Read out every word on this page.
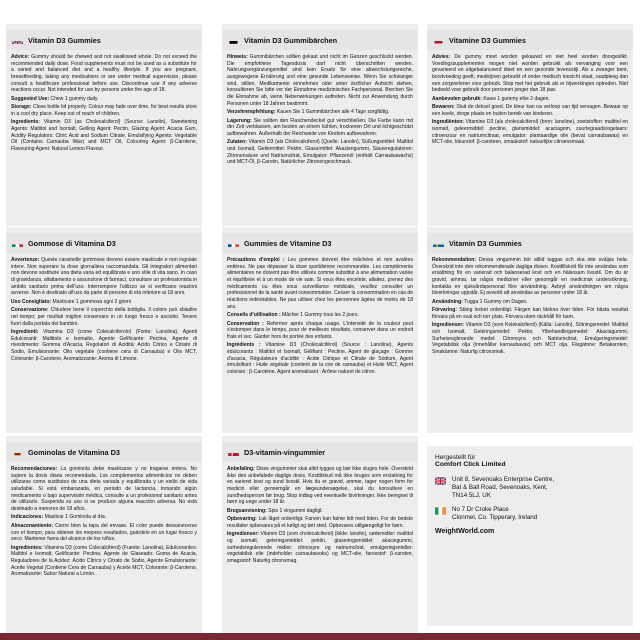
Vitamin D3 Gummies

Advice: Gummy should be chewed and not swallowed whole. Do not exceed the recommended daily dose. Food supplements must not be used as a substitute for a varied and balanced diet and a healthy lifestyle. If you are pregnant, breastfeeding, taking any medications or are under medical supervision, please consult a healthcare professional before use. Discontinue use if any adverse reactions occur. Not intended for use by persons under the age of 18.

Suggested Use: Chew 1 gummy daily.

Storage: Close bottle lid properly. Colour may fade over time, for best results store in a cool dry place. Keep out of reach of children.

Ingredients: Vitamin D3 (as Cholecalciferol) (Source: Lanolin), Sweetening Agents: Maltitol and Isomalt, Gelling Agent: Pectin, Glazing Agent: Acacia Gum, Acidity Regulators: Citric Acid and Sodium Citrate, Emulsifying Agents: Vegetable Oil (Contains Carnauba Wax) and MCT Oil, Colouring Agent: β-Carotene, Flavouring Agent: Natural Lemon Flavour.

Vitamin D3 Gummibärchen

Hinweis: Gummibärchen sollten gekaut und nicht im Ganzen geschluckt werden. Die empfohlene Tagesdosis darf nicht überschritten werden. Nahrungsergänzungsmittel sind kein Ersatz für eine abwechslungsreiche, ausgewogene Ernährung und eine gesunde Lebensweise. Wenn Sie schwanger sind, stillen, Medikamente einnehmen oder unter ärztlicher Aufsicht stehen, konsultieren Sie bitte vor der Einnahme medizinisches Fachpersonal. Brechen Sie die Einnahme ab, wenn Nebenwirkungen auftreten. Nicht zur Anwendung durch Personen unter 18 Jahren bestimmt.

Verzehrempfehlung: Kauen Sie 1 Gummibärchen alle 4 Tage sorgfältig.

Lagerung: Sie sollten den Flaschendeckel gut verschließen. Die Farbe kann mit der Zeit verblassen, am besten an einem kühlen, trockenen Ort und lichtgeschützt aufbewahren. Außerhalb der Reichweite von Kindern aufbewahren.

Zutaten: Vitamin D3 (als Cholecalciferol) (Quelle: Lanolin), Süßungsmittel: Maltitol und Isomalt, Geliermittel: Pektin, Glasurmittel: Akaziengummi, Säureregulatoren: Zitronensäure und Natriumcitrat, Emulgator: Pflanzenöl (enthält Carnaubawachs) und MCT-Öl, β-Carotin, Natürlicher Zitronengeschmack.

Vitamine D3 Gummies

Advies: De gummy moet worden gekauwd en niet heel worden doorgeslikt. Voedingssupplementen mogen niet worden gebruikt als vervanging voor een gevarieerd en uitgebalanceerd dieet en een gezonde levensstijl. Als u zwanger bent, borstvoeding geeft, medicijnen gebruikt of onder medisch toezicht staat, raadpleeg dan een zorgverlener voor gebruik. Stop met het gebruik als er bijwerkingen optreden. Niet bedoeld voor gebruik door personen jonger dan 18 jaar.

Aanbevolen gebruik: Kauw 1 gummy elke 2 dagen.

Bewaren: Sluit de deksel goed. De kleur kan na verloop van tijd vervagen. Bewaar op een koele, droge plaats en buiten bereik van kinderen.

Ingrediënten: Vitamine D3 (als cholecalciferol) (bron: lanoline), zoetstoffen: maltitol en isomalt, geleermiddel: pectine, glansmiddel: acaciagom, zuurtegraadsregelaars: citroenzuur en natriumcitraat, emulgator: plantaardige olie (bevat carnaubawas) en MCT-olie, kleurstof: β-caroteen, smaakstof: natuurlijke citroensmaak.

Gommose di Vitamina D3

Avvertenze: Queste caramelle gommose devono essere masticate e non ingoiate intere. Non superare la dose giornaliera raccomandata. Gli integratori alimentari non devono sostituire una dieta varia ed equilibrata e uno stile di vita sano. In caso di gravidanza, allattamento o assunzione di farmaci, consultare un professionista in ambito sanitario prima dell'uso. Interrompere l'utilizzo se si verificano reazioni avverse. Non è destinato all'uso da parte di persone di età inferiore ai 18 anni.

Uso Consigliato: Masticare 1 gommosa ogni 2 giorni

Conservazione: Chiudere bene il coperchio della bottiglia. Il colore può sbiadire nel tempo; per risultati migliori conservare in un luogo fresco e asciutto. Tenere fuori dalla portata dei bambini.

Ingredienti: Vitamina D3 (come Colecalciferolo) (Fonte: Lanolina), Agenti Edulcoranti: Maltitolo e Isomalto, Agente Gelificante: Pectina, Agente di rivestimento: Gomma d'Acacia, Regolatori di Acidità: Acido Citrico e Citrato di Sodio, Emulsionante: Olio vegetale (contiene cera di Carnauba) e Olio MCT, Colorante: β-Carotene, Aromatizzante: Aroma di Limone.

Gummies de Vitamine D3

Précautions d'emploi : Les gommes doivent être mâchées et non avalées entières. Ne pas dépasser la dose quotidienne recommandée. Les compléments alimentaires ne doivent pas être utilisés comme substitut à une alimentation variée et équilibrée et à un mode de vie sain. Si vous êtes enceinte, allaitez, prenez des médicaments ou êtes sous surveillance médicale, veuillez consulter un professionnel de la santé avant consommation. Cesser la consommation en cas de réactions indésirables. Ne pas utiliser chez les personnes âgées de moins de 18 ans.

Conseils d'utilisation : Mâcher 1 Gummy tous les 2 jours.

Conservation : Refermer après chaque usage. L'intensité de la couleur peut s'estomper dans le temps, pour de meilleurs résultats, conserver dans un endroit frais et sec. Garder hors de portée des enfants.

Ingrédients : Vitamine D3 (Cholécalciférol) (Source : Lanoline), Agents édulcorants : Maltitol et Isomalt, Gélifiant : Pectine, Agent de glaçage : Gomme d'acacia, Régulateurs d'acidité : Acide Citrique et Citrate de Sodium, Agent émulsifiant : Huile végétale (contient de la cire de carnauba) et Huile MCT, Agent colorant : β-Carotène, Agent aromatisant : Arôme naturel de citron.

Vitamin D3 Gummies

Rekommendation: Dessa vingummin bör alltid tuggas och ska inte sväljas hela. Överskrid inte den rekommenderade dagliga dosen. Kosttillskott får inte användas som ersättning för en varierad och balanserad kost och en hälsosam livsstil. Om du är gravid, ammar, tar några mediciner eller genomgår en medicinsk undersökning, kontakta en sjukvårdspersonal före användning. Avbryt användningen om några biverkningar uppstår. Ej avsedd att användas av personer under 18 år.

Användning: Tugga 1 Gummy om Dagen.

Förvaring: Stäng locket ordentligt. Färgen kan blekna över tiden. För bästa resultat förvara på en sval och torr plats. Förvara utom räckhåll för barn.

Ingredienser: Vitamin D3 (som Kolekalciferol) (Källa: Lanolin), Sötningsmedel: Maltitol och Isomalt, Geléringsmedel: Pektin, Ytbehandlingsmedel: Akaciagummi, Surhetsreglerande medel: Citronsyra och Natriumcitrat, Emulgeringsmedel: Vegetabilisk olja (innehåller karnaubavax) och MCT olja, Färgämne: Betakaroten, Smakämne: Naturlig citronsmak.

Gominolas de Vitamina D3

Recomendaciones: La gominola debe masticarse y no tragarse entera. No supere la dosis diaria recomendada. Los complementos alimenticios no deben utilizarse como sustitutos de una dieta variada y equilibrada y un estilo de vida saludable. Si está embarazada, en periodo de lactancia, tomando algún medicamento o bajo supervisión médica, consulte a un profesional sanitario antes de utilizarlo. Suspenda su uso si se produce alguna reacción adversa. No está destinado a menores de 18 años.

Indicaciones: Masticar 1 Gominola al día.

Almacenamiento: Cierre bien la tapa del envase. El color puede desvanecerse con el tiempo; para obtener los mejores resultados, guárdelo en un lugar fresco y seco. Mantener fuera del alcance de los niños.

Ingredientes: Vitamina D3 (como Colecalciferol) (Fuente: Lanolina), Edulcorantes: Maltitol e Isomalt, Gelificante: Pectina, Agente de Glaseado: Goma de Acacia, Reguladores de la Acidez: Ácido Cítrico y Citrato de Sodio, Agente Emulsionante: Aceite Vegetal (Contiene Cera de Carnauba) y Aceite MCT, Colorante: β-Caroteno, Aromatizante: Sabor Natural a Limón.

D3-vitamin-vingummier

Anbefaling: Disse vingummier skal altid tygges og bør ikke sluges hele. Overskrid ikke den anbefalede daglige dosis. Kosttilskud må ikke bruges som erstatning for en varieret kost og sund livsstil. Hvis du er gravid, ammer, tager nogen form for medicin eller gennemgår en lægeundersøgelse, skal du konsultere en sundhedsperson før brug. Stop indtag ved eventuelle bivirkninger. Ikke beregnet til børn og unge under 18 år.

Brugsanvisning: Spis 1 vingummi dagligt.

Opbevaring: Luk låget ordentligt. Farven kan falme lidt med tiden. For de bedste resultater opbevares på et køligt og tørt sted. Opbevares utilgængeligt for børn.

Ingredienser: Vitamin D3 (som cholecalciferol) (kilde: lanolin), sødemidler: maltitol og isomalt, geleringsmiddel: pektin, glaseringsmiddel: akaciegummi, surhedsregulerende midler: citronsyre og natriumcitrat, emulgeringsmidler: vegetabilsk olie (indeholder carnaubavoks) og MCT-olie, farvestof: β-caroten, smagsstof: Naturlig citronsmag.

Hergestellt für
Comfort Click Limited
Unit 8, Sevenoaks Enterprise Centre,
Bat & Ball Road, Sevenoaks, Kent,
TN14 5LJ, UK
No 7 Dr Croke Place
Clonmel, Co. Tipperary, Ireland
WeightWorld.com
